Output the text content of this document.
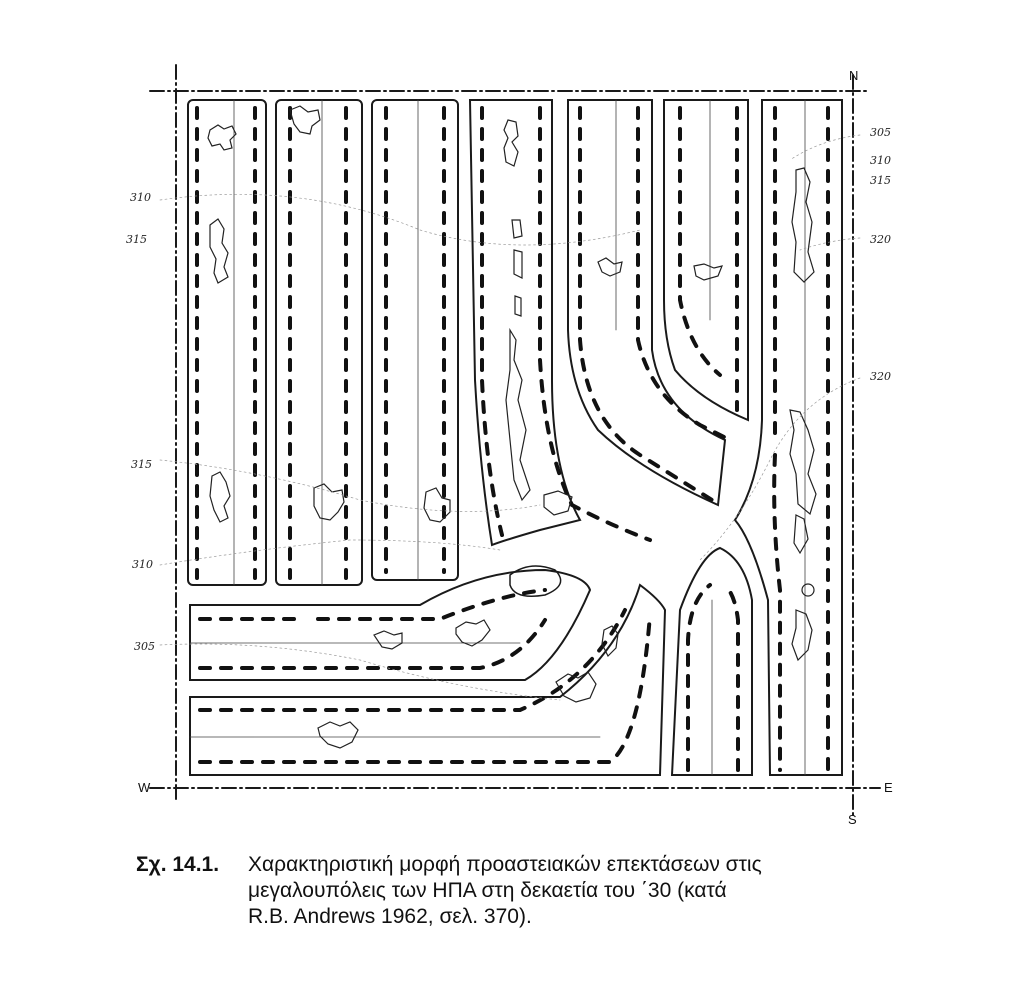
N
S
E
W
310
315
315
310
305
305
310
315
320
320
Σχ. 14.1. Χαρακτηριστική μορφή προαστειακών επεκτάσεων στις
μεγαλουπόλεις των ΗΠΑ στη δεκαετία του ΄30 (κατά
R.B. Andrews 1962, σελ. 370).
